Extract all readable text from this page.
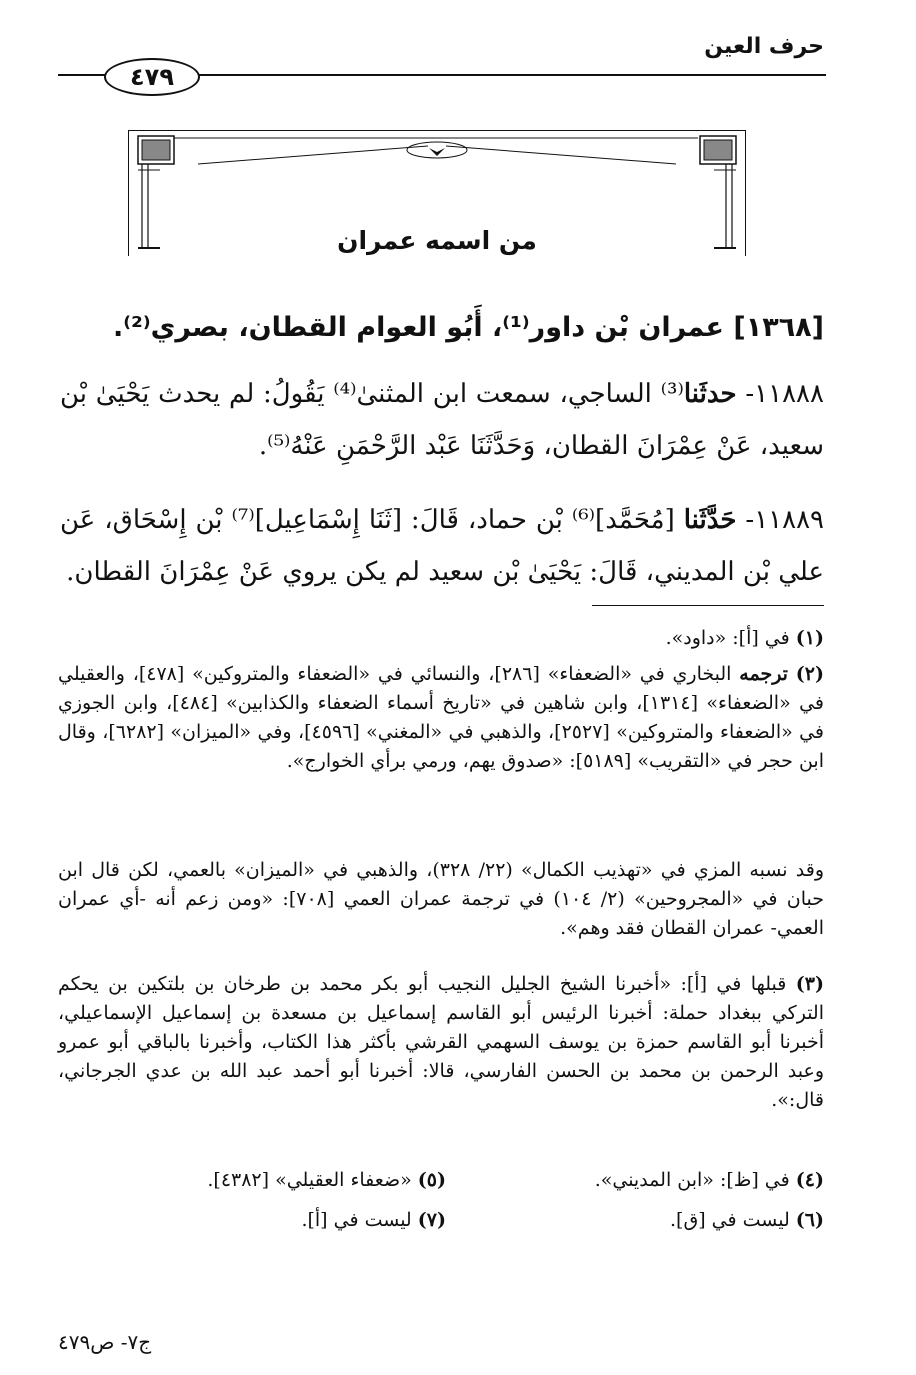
حرف العين
٤٧٩
من اسمه عمران
[١٣٦٨] عمران بْن داور⁽¹⁾، أَبُو العوام القطان، بصري⁽²⁾.
١١٨٨٨- حدثَنا⁽³⁾ الساجي، سمعت ابن المثنىٰ⁽⁴⁾ يَقُولُ: لم يحدث يَحْيَىٰ بْن سعيد، عَنْ عِمْرَانَ القطان، وَحَدَّثَنَا عَبْد الرَّحْمَنِ عَنْهُ⁽⁵⁾.
١١٨٨٩- حَدَّثَنا [مُحَمَّد]⁽⁶⁾ بْن حماد، قَالَ: [ثَنَا إِسْمَاعِيل]⁽⁷⁾ بْن إِسْحَاق، عَن علي بْن المديني، قَالَ: يَحْيَىٰ بْن سعيد لم يكن يروي عَنْ عِمْرَانَ القطان.
(١) في [أ]: «داود».
(٢) ترجمه البخاري في «الضعفاء» [٢٨٦]، والنسائي في «الضعفاء والمتروكين» [٤٧٨]، والعقيلي في «الضعفاء» [١٣١٤]، وابن شاهين في «تاريخ أسماء الضعفاء والكذابين» [٤٨٤]، وابن الجوزي في «الضعفاء والمتروكين» [٢٥٢٧]، والذهبي في «المغني» [٤٥٩٦]، وفي «الميزان» [٦٢٨٢]، وقال ابن حجر في «التقريب» [٥١٨٩]: «صدوق يهم، ورمي برأي الخوارج».
وقد نسبه المزي في «تهذيب الكمال» (٢٢/ ٣٢٨)، والذهبي في «الميزان» بالعمي، لكن قال ابن حبان في «المجروحين» (٢/ ١٠٤) في ترجمة عمران العمي [٧٠٨]: «ومن زعم أنه -أي عمران العمي- عمران القطان فقد وهم».
(٣) قبلها في [أ]: «أخبرنا الشيخ الجليل النجيب أبو بكر محمد بن طرخان بن بلتكين بن يحكم التركي ببغداد حملة: أخبرنا الرئيس أبو القاسم إسماعيل بن مسعدة بن إسماعيل الإسماعيلي، أخبرنا أبو القاسم حمزة بن يوسف السهمي القرشي بأكثر هذا الكتاب، وأخبرنا بالباقي أبو عمرو وعبد الرحمن بن محمد بن الحسن الفارسي، قالا: أخبرنا أبو أحمد عبد الله بن عدي الجرجاني، قال:».
(٤) في [ظ]: «ابن المديني».
(٥) «ضعفاء العقيلي» [٤٣٨٢].
(٦) ليست في [ق].
(٧) ليست في [أ].
ج٧- ص٤٧٩
